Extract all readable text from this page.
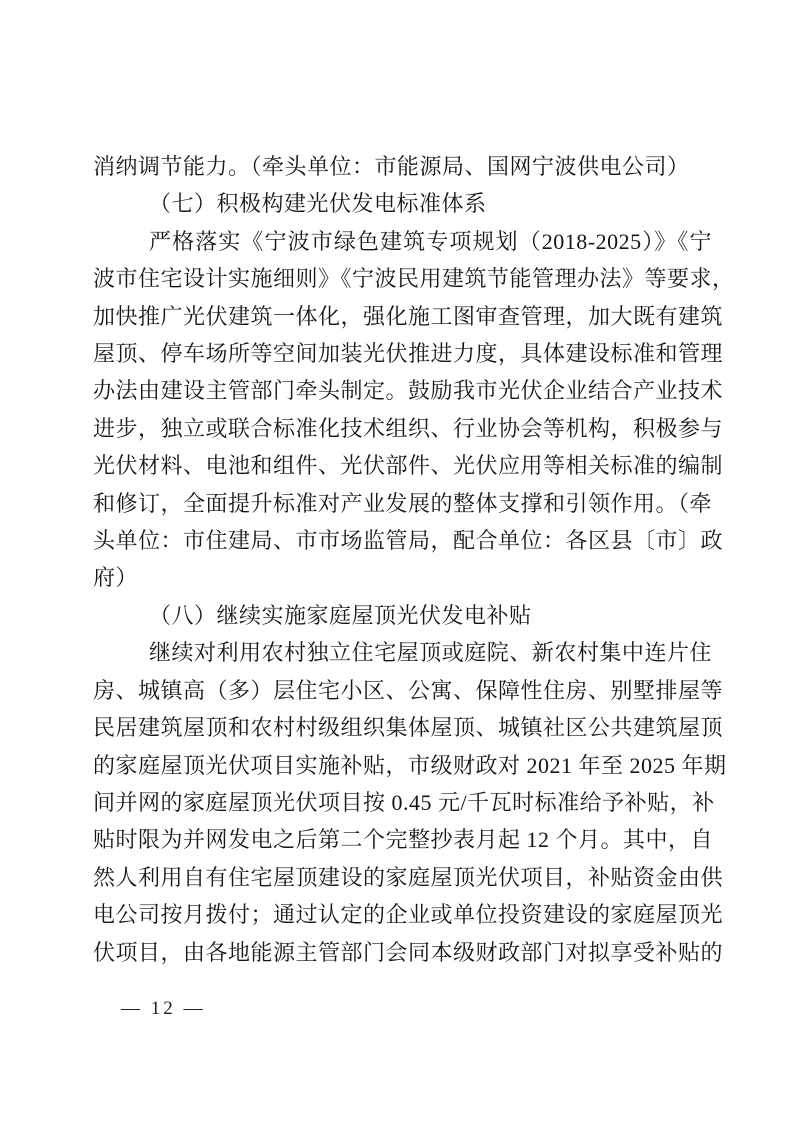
消纳调节能力。（牵头单位：市能源局、国网宁波供电公司）
（七）积极构建光伏发电标准体系
严格落实《宁波市绿色建筑专项规划（2018-2025）》《宁
波市住宅设计实施细则》《宁波民用建筑节能管理办法》等要求，
加快推广光伏建筑一体化，强化施工图审查管理，加大既有建筑
屋顶、停车场所等空间加装光伏推进力度，具体建设标准和管理
办法由建设主管部门牵头制定。鼓励我市光伏企业结合产业技术
进步，独立或联合标准化技术组织、行业协会等机构，积极参与
光伏材料、电池和组件、光伏部件、光伏应用等相关标准的编制
和修订，全面提升标准对产业发展的整体支撑和引领作用。（牵
头单位：市住建局、市市场监管局，配合单位：各区县〔市〕政
府）
（八）继续实施家庭屋顶光伏发电补贴
继续对利用农村独立住宅屋顶或庭院、新农村集中连片住
房、城镇高（多）层住宅小区、公寓、保障性住房、别墅排屋等
民居建筑屋顶和农村村级组织集体屋顶、城镇社区公共建筑屋顶
的家庭屋顶光伏项目实施补贴，市级财政对 2021 年至 2025 年期
间并网的家庭屋顶光伏项目按 0.45 元/千瓦时标准给予补贴，补
贴时限为并网发电之后第二个完整抄表月起 12 个月。其中，自
然人利用自有住宅屋顶建设的家庭屋顶光伏项目，补贴资金由供
电公司按月拨付；通过认定的企业或单位投资建设的家庭屋顶光
伏项目，由各地能源主管部门会同本级财政部门对拟享受补贴的
— 12 —
